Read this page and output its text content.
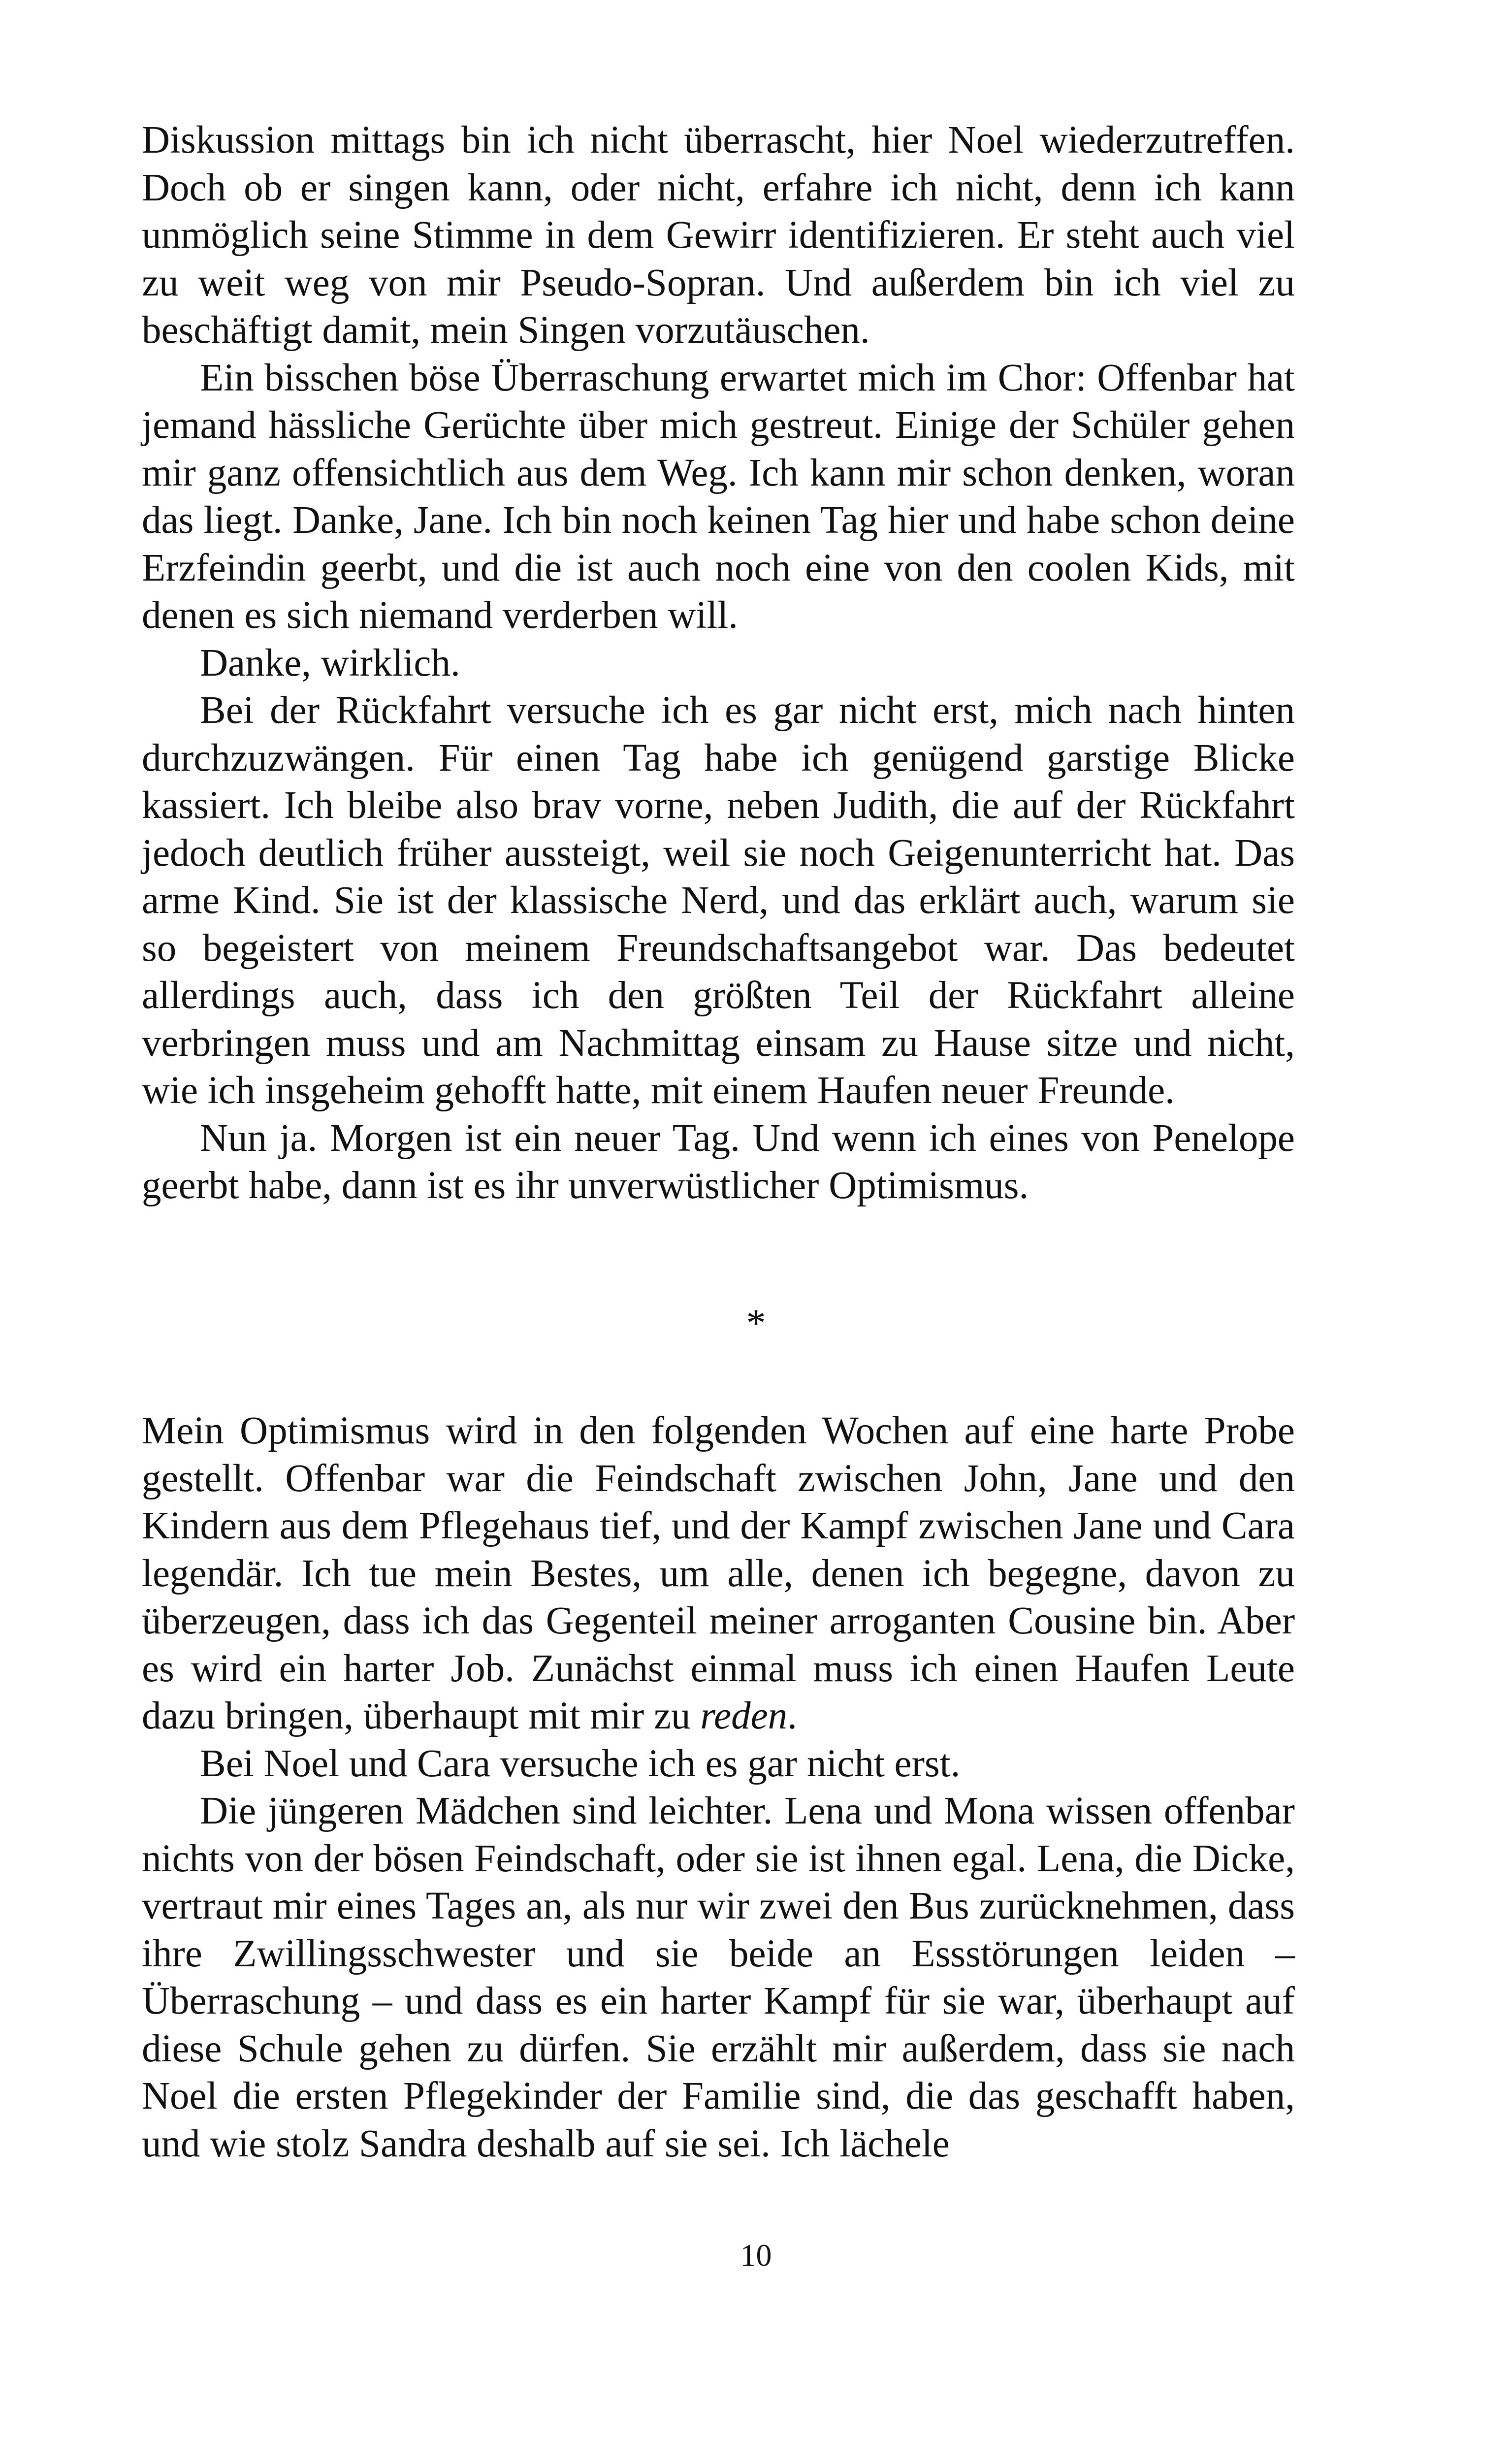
Diskussion mittags bin ich nicht überrascht, hier Noel wiederzutreffen. Doch ob er singen kann, oder nicht, erfahre ich nicht, denn ich kann unmöglich seine Stimme in dem Gewirr identifizieren. Er steht auch viel zu weit weg von mir Pseudo-Sopran. Und außerdem bin ich viel zu beschäftigt damit, mein Singen vorzutäuschen.

Ein bisschen böse Überraschung erwartet mich im Chor: Offenbar hat jemand hässliche Gerüchte über mich gestreut. Einige der Schüler gehen mir ganz offensichtlich aus dem Weg. Ich kann mir schon denken, woran das liegt. Danke, Jane. Ich bin noch keinen Tag hier und habe schon deine Erzfeindin geerbt, und die ist auch noch eine von den coolen Kids, mit denen es sich niemand verderben will.

Danke, wirklich.

Bei der Rückfahrt versuche ich es gar nicht erst, mich nach hinten durchzuzwängen. Für einen Tag habe ich genügend garstige Blicke kassiert. Ich bleibe also brav vorne, neben Judith, die auf der Rückfahrt jedoch deutlich früher aussteigt, weil sie noch Geigenunterricht hat. Das arme Kind. Sie ist der klassische Nerd, und das erklärt auch, warum sie so begeistert von meinem Freundschaftsangebot war. Das bedeutet allerdings auch, dass ich den größten Teil der Rückfahrt alleine verbringen muss und am Nachmittag einsam zu Hause sitze und nicht, wie ich insgeheim gehofft hatte, mit einem Haufen neuer Freunde.

Nun ja. Morgen ist ein neuer Tag. Und wenn ich eines von Penelope geerbt habe, dann ist es ihr unverwüstlicher Optimismus.

*

Mein Optimismus wird in den folgenden Wochen auf eine harte Probe gestellt. Offenbar war die Feindschaft zwischen John, Jane und den Kindern aus dem Pflegehaus tief, und der Kampf zwischen Jane und Cara legendär. Ich tue mein Bestes, um alle, denen ich begegne, davon zu überzeugen, dass ich das Gegenteil meiner arroganten Cousine bin. Aber es wird ein harter Job. Zunächst einmal muss ich einen Haufen Leute dazu bringen, überhaupt mit mir zu reden.

Bei Noel und Cara versuche ich es gar nicht erst.

Die jüngeren Mädchen sind leichter. Lena und Mona wissen offenbar nichts von der bösen Feindschaft, oder sie ist ihnen egal. Lena, die Dicke, vertraut mir eines Tages an, als nur wir zwei den Bus zurücknehmen, dass ihre Zwillingsschwester und sie beide an Essstörungen leiden – Überraschung – und dass es ein harter Kampf für sie war, überhaupt auf diese Schule gehen zu dürfen. Sie erzählt mir außerdem, dass sie nach Noel die ersten Pflegekinder der Familie sind, die das geschafft haben, und wie stolz Sandra deshalb auf sie sei. Ich lächele

10
